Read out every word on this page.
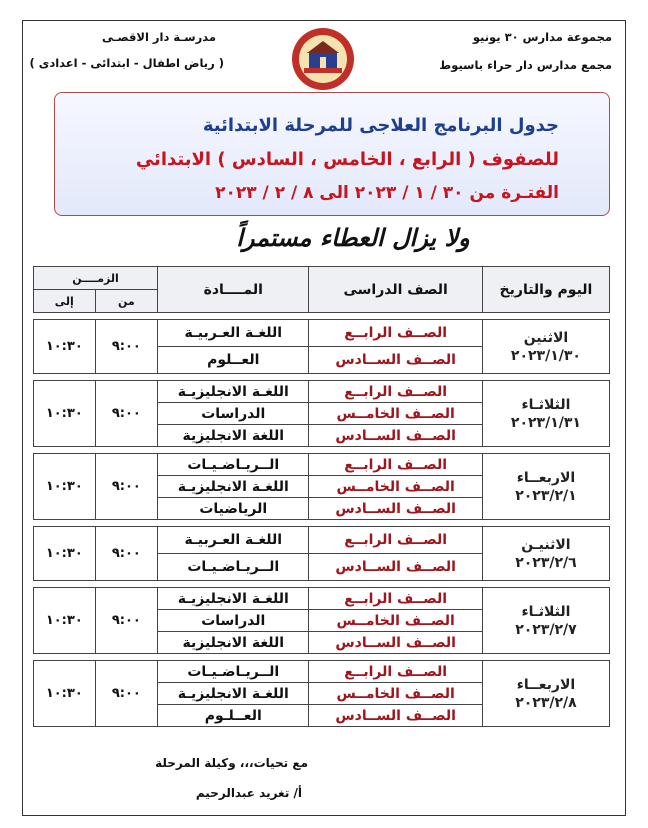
مجموعة مدارس ٣٠ يونيو
مجمع مدارس دار حراء باسيوط
مدرسـة دار الاقصـى
( رياض اطفال - ابتدائى - اعدادى )
جدول البرنامج العلاجى للمرحلة الابتدائية
للصفوف ( الرابع ، الخامس ، السادس ) الابتدائي
الفتـرة من ٣٠ / ١ / ٢٠٢٣ الى ٨ / ٢ / ٢٠٢٣
ولا يزال العطاء مستمراً
اليوم والتاريخ	الصف الدراسى	المــــادة	الزمــــن	
			من	إلى

الاثنين
٢٠٢٣/١/٣٠	الصــف الرابــع	اللغـة العـربيـة	٩:٠٠	١٠:٣٠
	الصــف الســادس	العــلوم		

الثلاثـاء
٢٠٢٣/١/٣١	الصــف الرابــع	اللغـة الانجليزيـة	٩:٠٠	١٠:٣٠
	الصــف الخامــس	الدراسات		
	الصــف الســادس	اللغة الانجليزية		

الاربعــاء
٢٠٢٣/٢/١	الصــف الرابــع	الــريـاضـيـات	٩:٠٠	١٠:٣٠
	الصــف الخامــس	اللغـة الانجليزيـة		
	الصــف الســادس	الرياضيات		

الاثنيـن
٢٠٢٣/٢/٦	الصــف الرابــع	اللغـة العـربيـة	٩:٠٠	١٠:٣٠
	الصــف الســادس	الــريـاضـيـات		

الثلاثـاء
٢٠٢٣/٢/٧	الصــف الرابــع	اللغـة الانجليزيـة	٩:٠٠	١٠:٣٠
	الصــف الخامــس	الدراسات		
	الصــف الســادس	اللغة الانجليزية		

الاربعــاء
٢٠٢٣/٢/٨	الصــف الرابــع	الــريـاضـيـات	٩:٠٠	١٠:٣٠
	الصــف الخامــس	اللغـة الانجليزيـة		
	الصــف الســادس	العــلـوم		
مع تحيات،،، وكيلة المرحلة
أ/ تغريد عبدالرحيم
